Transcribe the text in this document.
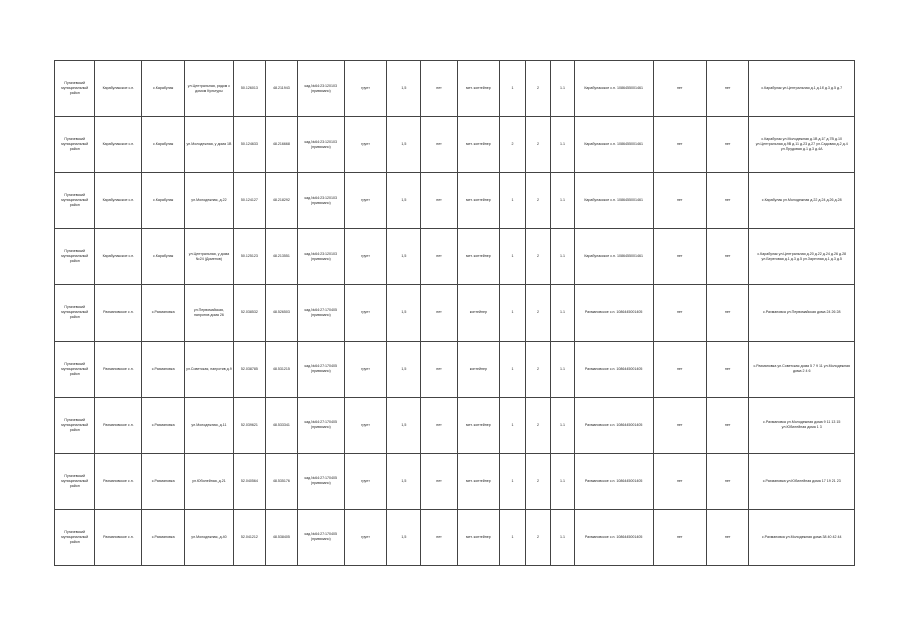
Пугачевский муниципальный район	Карабулакское с.п.	с.Карабулак	ул.Центральная, рядом с домом Культуры	50.126013	48.211943	кад.№64:23:120103 (привязано)	грунт	1,5	нет	мет. контейнер	1	2	1.1	Карабулакское с.п. 1086455001461	нет	нет	с.Карабулак ул.Центральная д.1 д.1б д.3 д.5 д.7
Пугачевский муниципальный район	Карабулакское с.п.	с.Карабулак	ул.Молодежная, у дома 1В	50.124633	48.216668	кад.№64:23:120103 (привязано)	грунт	1,5	нет	мет. контейнер	2	2	1.1	Карабулакское с.п. 1086455001461	нет	нет	с.Карабулак ул.Молодежная д.1В д.1Г д.7В д.10 ул.Центральная д.9В д.11 д.23 д.27 ул.Садовая д.2 д.4 ул.Прудовая д.1 д.3 д.4А
Пугачевский муниципальный район	Карабулакское с.п.	с.Карабулак	ул.Молодежная, д.22	50.124127	48.218292	кад.№64:23:120103 (привязано)	грунт	1,5	нет	мет. контейнер	1	2	1.1	Карабулакское с.п. 1086455001461	нет	нет	с.Карабулак ул.Молодежная д.22 д.24 д.26 д.28
Пугачевский муниципальный район	Карабулакское с.п.	с.Карабулак	ул.Центральная, у дома №24 (Доменов)	50.125123	48.213551	кад.№64:23:120103 (привязано)	грунт	1,5	нет	мет. контейнер	1	2	1.1	Карабулакское с.п. 1086455001461	нет	нет	с.Карабулак ул.Центральная д.20 д.22 д.24 д.26 д.28 ул.Береговая д.1 д.3 д.5 ул.Заречная д.1 д.3 д.5
Пугачевский муниципальный район	Рахмановское с.п.	с.Рахмановка	ул.Первомайская, напротив дома 26	52.038532	48.526503	кад.№64:27:170405 (привязано)	грунт	1,5	нет	контейнер	1	2	1.1	Рахмановское с.п. 1086445001405	нет	нет	с.Рахмановка ул.Первомайская дома 24 26 28
Пугачевский муниципальный район	Рахмановское с.п.	с.Рахмановка	ул.Советская, напротив д.9	52.038785	48.531215	кад.№64:27:170405 (привязано)	грунт	1,5	нет	контейнер	1	2	1.1	Рахмановское с.п. 1086445001405	нет	нет	с.Рахмановка ул.Советская дома 5 7 9 11 ул.Молодежная дома 2 4 6
Пугачевский муниципальный район	Рахмановское с.п.	с.Рахмановка	ул.Молодежная, д.11	52.039621	48.533341	кад.№64:27:170405 (привязано)	грунт	1,5	нет	мет. контейнер	1	2	1.1	Рахмановское с.п. 1086445001405	нет	нет	с.Рахмановка ул.Молодежная дома 9 11 13 15 ул.Юбилейная дома 1 3
Пугачевский муниципальный район	Рахмановское с.п.	с.Рахмановка	ул.Юбилейная, д.21	52.040564	48.535176	кад.№64:27:170405 (привязано)	грунт	1,5	нет	мет. контейнер	1	2	1.1	Рахмановское с.п. 1086445001405	нет	нет	с.Рахмановка ул.Юбилейная дома 17 19 21 23
Пугачевский муниципальный район	Рахмановское с.п.	с.Рахмановка	ул.Молодежная, д.40	52.041212	48.538405	кад.№64:27:170405 (привязано)	грунт	1,5	нет	мет. контейнер	1	2	1.1	Рахмановское с.п. 1086445001405	нет	нет	с.Рахмановка ул.Молодежная дома 38 40 42 44
